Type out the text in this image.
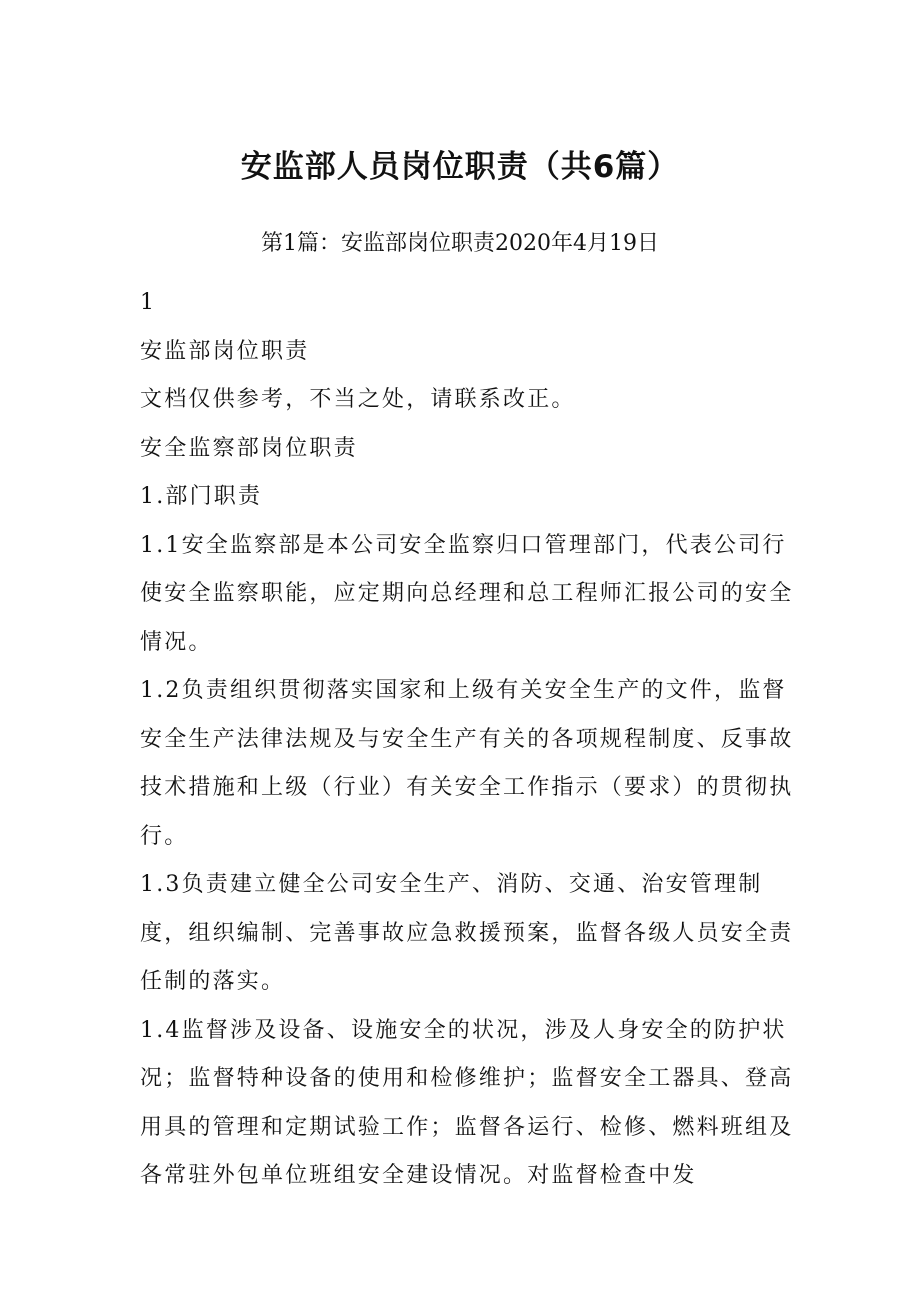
安监部人员岗位职责（共6篇）
第1篇：安监部岗位职责2020年4月19日

1

安监部岗位职责

文档仅供参考，不当之处，请联系改正。

安全监察部岗位职责

1.部门职责

1.1安全监察部是本公司安全监察归口管理部门，代表公司行使安全监察职能，应定期向总经理和总工程师汇报公司的安全情况。

1.2负责组织贯彻落实国家和上级有关安全生产的文件，监督安全生产法律法规及与安全生产有关的各项规程制度、反事故技术措施和上级（行业）有关安全工作指示（要求）的贯彻执行。

1.3负责建立健全公司安全生产、消防、交通、治安管理制度，组织编制、完善事故应急救援预案，监督各级人员安全责任制的落实。

1.4监督涉及设备、设施安全的状况，涉及人身安全的防护状况；监督特种设备的使用和检修维护；监督安全工器具、登高用具的管理和定期试验工作；监督各运行、检修、燃料班组及各常驻外包单位班组安全建设情况。对监督检查中发
